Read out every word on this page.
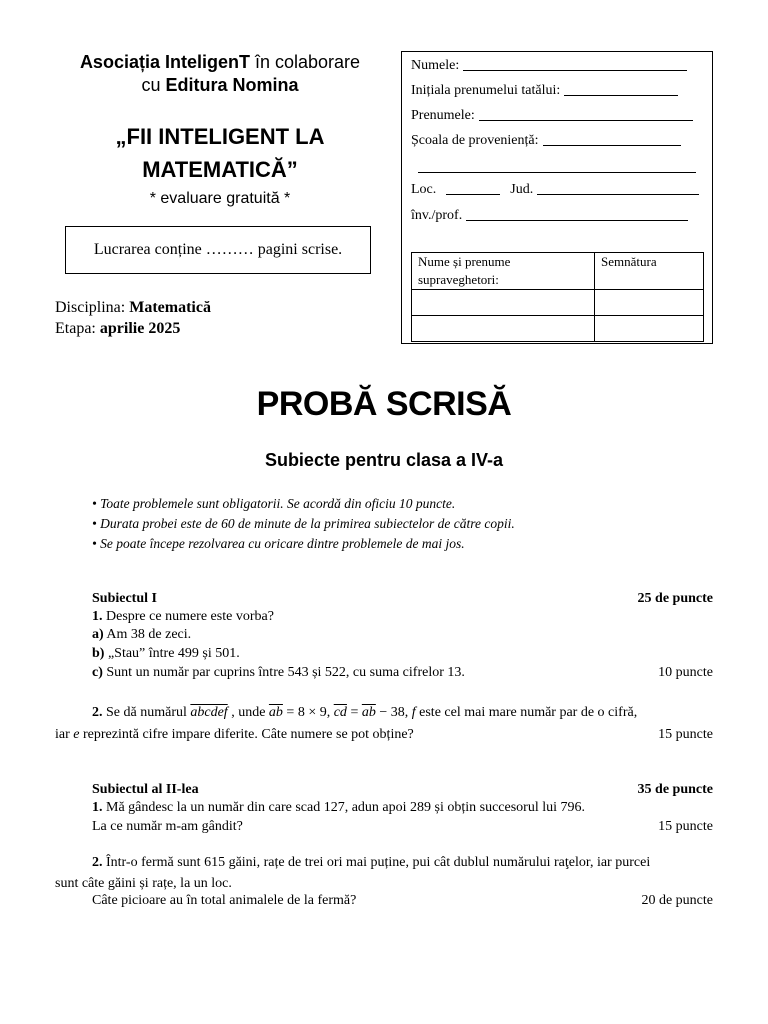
Asociația InteligenT în colaborare
cu Editura Nomina
„FII INTELIGENT LA
MATEMATICĂ”
* evaluare gratuită *
Lucrarea conține ……… pagini scrise.
Disciplina: Matematică
Etapa: aprilie 2025
Numele:
Inițiala prenumelui tatălui:
Prenumele:
Școala de proveniență:
Loc.	Jud.
înv./prof.
Nume și prenume supraveghetori:	Semnătura

PROBĂ SCRISĂ
Subiecte pentru clasa a IV-a
• Toate problemele sunt obligatorii. Se acordă din oficiu 10 puncte.
• Durata probei este de 60 de minute de la primirea subiectelor de către copii.
• Se poate începe rezolvarea cu oricare dintre problemele de mai jos.
Subiectul I	25 de puncte
1. Despre ce numere este vorba?
a) Am 38 de zeci.
b) „Stau” între 499 și 501.
c) Sunt un număr par cuprins între 543 și 522, cu suma cifrelor 13.	10 puncte
2. Se dă numărul abcdef , unde $\overline{ab} = 8 \times 9$, $\overline{cd} = \overline{ab} - 38$, f este cel mai mare număr par de o cifră,
iar e reprezintă cifre impare diferite. Câte numere se pot obține?	15 puncte
Subiectul al II-lea	35 de puncte
1. Mă gândesc la un număr din care scad 127, adun apoi 289 și obțin succesorul lui 796.
La ce număr m-am gândit?	15 puncte
2. Într-o fermă sunt 615 găini, rațe de trei ori mai puține, pui cât dublul numărului raţelor, iar purcei
sunt câte găini și rațe, la un loc.
Câte picioare au în total animalele de la fermă?	20 de puncte
